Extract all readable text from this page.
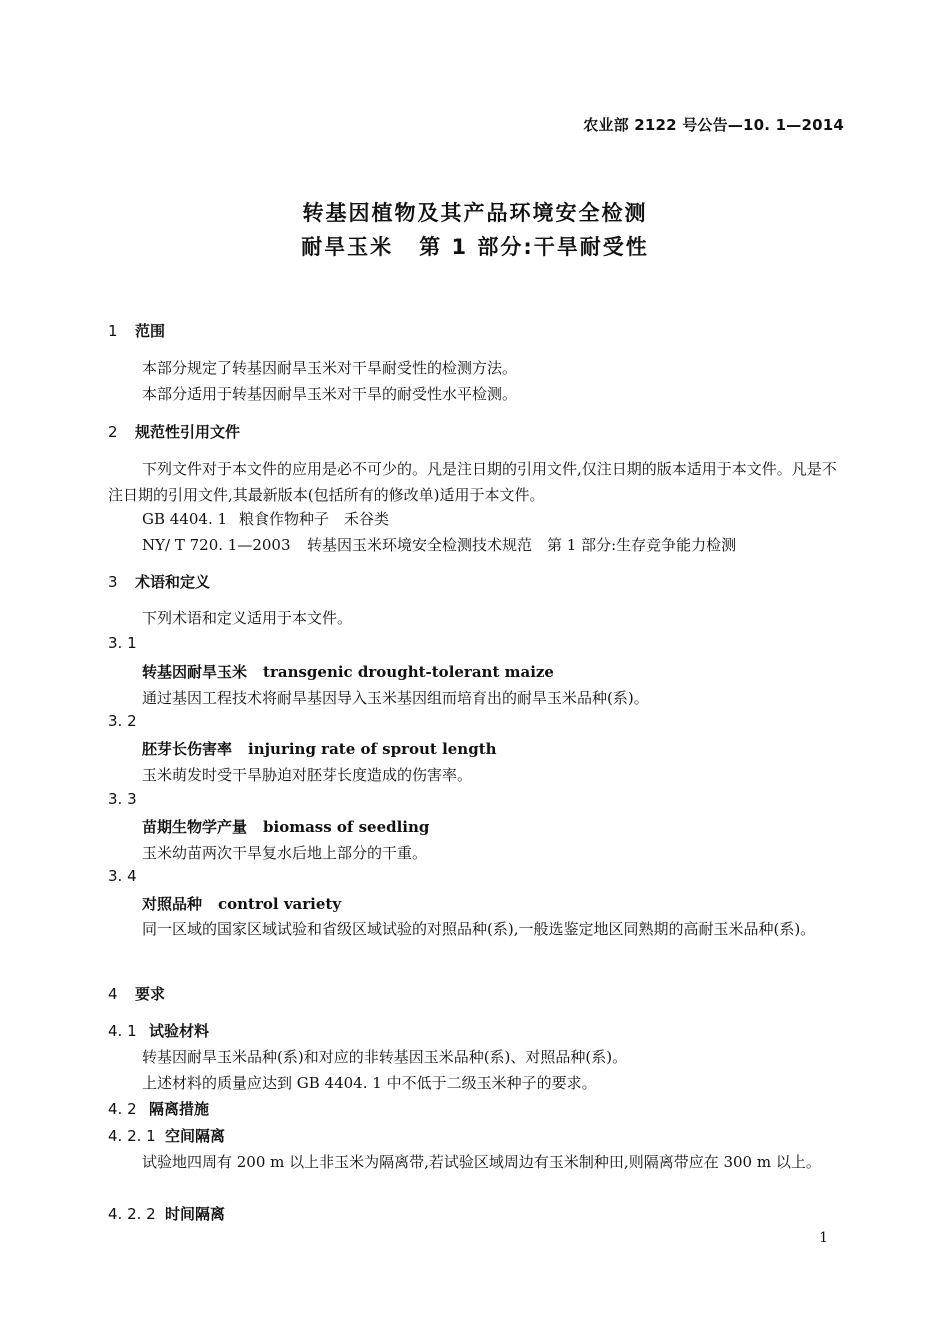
农业部 2122 号公告—10. 1—2014
转基因植物及其产品环境安全检测
耐旱玉米 第 1 部分:干旱耐受性
1 范围
本部分规定了转基因耐旱玉米对干旱耐受性的检测方法。
本部分适用于转基因耐旱玉米对干旱的耐受性水平检测。
2 规范性引用文件
下列文件对于本文件的应用是必不可少的。凡是注日期的引用文件,仅注日期的版本适用于本文件。凡是不注日期的引用文件,其最新版本(包括所有的修改单)适用于本文件。
GB 4404. 1 粮食作物种子　禾谷类
NY/ T 720. 1—2003 转基因玉米环境安全检测技术规范　第 1 部分:生存竞争能力检测
3 术语和定义
下列术语和定义适用于本文件。
3. 1
转基因耐旱玉米 transgenic drought-tolerant maize
通过基因工程技术将耐旱基因导入玉米基因组而培育出的耐旱玉米品种(系)。
3. 2
胚芽长伤害率 injuring rate of sprout length
玉米萌发时受干旱胁迫对胚芽长度造成的伤害率。
3. 3
苗期生物学产量 biomass of seedling
玉米幼苗两次干旱复水后地上部分的干重。
3. 4
对照品种 control variety
同一区域的国家区域试验和省级区域试验的对照品种(系),一般选鉴定地区同熟期的高耐玉米品种(系)。
4 要求
4. 1 试验材料
转基因耐旱玉米品种(系)和对应的非转基因玉米品种(系)、对照品种(系)。
上述材料的质量应达到 GB 4404. 1 中不低于二级玉米种子的要求。
4. 2 隔离措施
4. 2. 1 空间隔离
试验地四周有 200 m 以上非玉米为隔离带,若试验区域周边有玉米制种田,则隔离带应在 300 m 以上。
4. 2. 2 时间隔离
1
